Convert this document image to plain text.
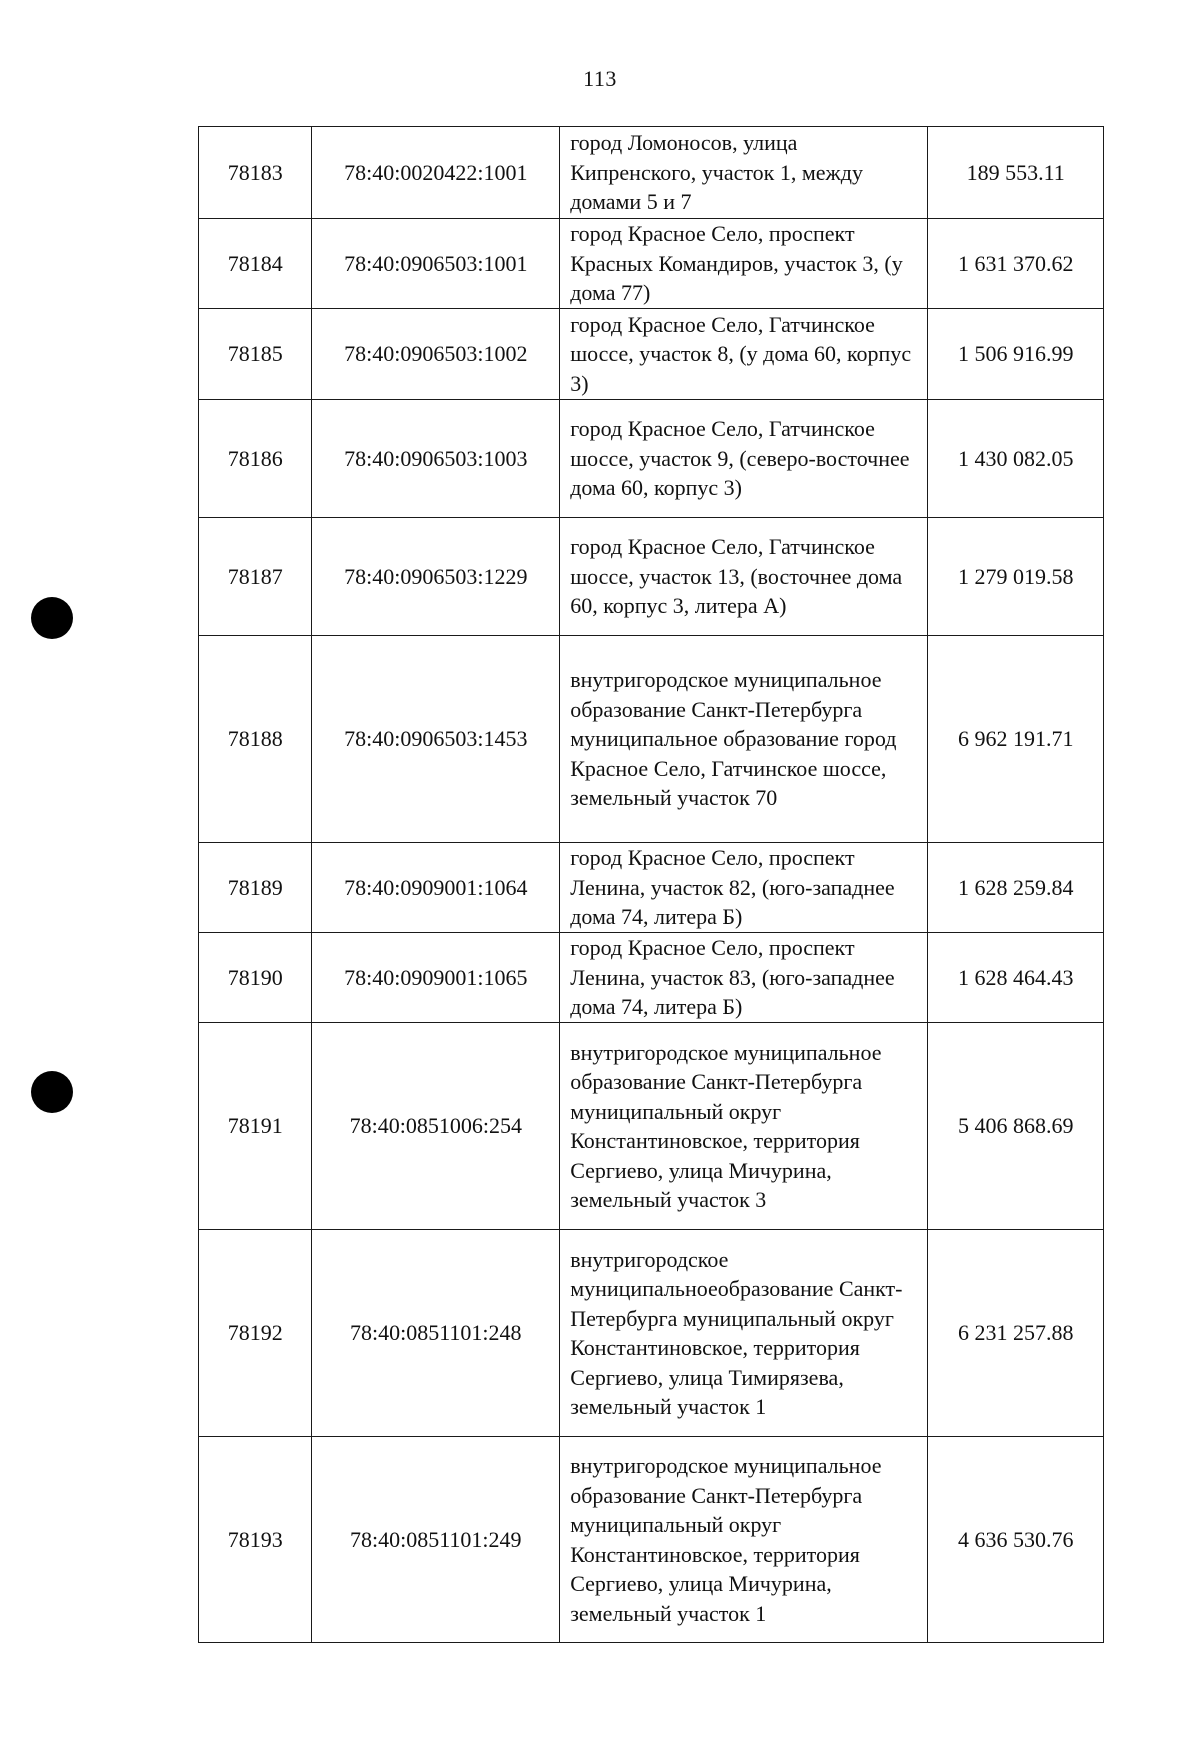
113
78183	78:40:0020422:1001	город Ломоносов, улица Кипренского, участок 1, между домами 5 и 7	189 553.11
78184	78:40:0906503:1001	город Красное Село, проспект Красных Командиров, участок 3, (у дома 77)	1 631 370.62
78185	78:40:0906503:1002	город Красное Село, Гатчинское шоссе, участок 8, (у дома 60, корпус 3)	1 506 916.99
78186	78:40:0906503:1003	город Красное Село, Гатчинское шоссе, участок 9, (северо-восточнее дома 60, корпус 3)	1 430 082.05
78187	78:40:0906503:1229	город Красное Село, Гатчинское шоссе, участок 13, (восточнее дома 60, корпус 3, литера А)	1 279 019.58
78188	78:40:0906503:1453	внутригородское муниципальное образование Санкт-Петербурга муниципальное образование город Красное Село, Гатчинское шоссе, земельный участок 70	6 962 191.71
78189	78:40:0909001:1064	город Красное Село, проспект Ленина, участок 82, (юго-западнее дома 74, литера Б)	1 628 259.84
78190	78:40:0909001:1065	город Красное Село, проспект Ленина, участок 83, (юго-западнее дома 74, литера Б)	1 628 464.43
78191	78:40:0851006:254	внутригородское муниципальное образование Санкт-Петербурга муниципальный округ Константиновское, территория Сергиево, улица Мичурина, земельный участок 3	5 406 868.69
78192	78:40:0851101:248	внутригородское муниципальноеобразование Санкт-Петербурга муниципальный округ Константиновское, территория Сергиево, улица Тимирязева, земельный участок 1	6 231 257.88
78193	78:40:0851101:249	внутригородское муниципальное образование Санкт-Петербурга муниципальный округ Константиновское, территория Сергиево, улица Мичурина, земельный участок 1	4 636 530.76
